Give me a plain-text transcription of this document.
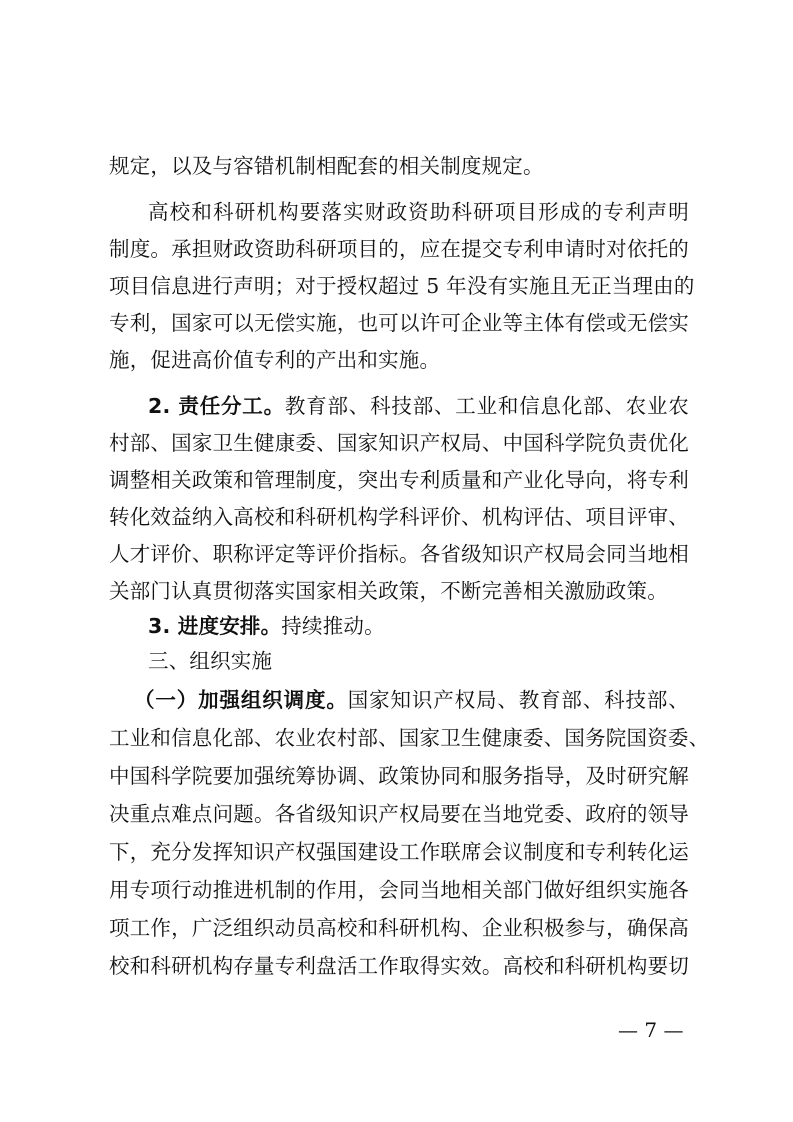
规定，以及与容错机制相配套的相关制度规定。
高校和科研机构要落实财政资助科研项目形成的专利声明
制度。承担财政资助科研项目的，应在提交专利申请时对依托的
项目信息进行声明；对于授权超过 5 年没有实施且无正当理由的
专利，国家可以无偿实施，也可以许可企业等主体有偿或无偿实
施，促进高价值专利的产出和实施。
2. 责任分工。教育部、科技部、工业和信息化部、农业农
村部、国家卫生健康委、国家知识产权局、中国科学院负责优化
调整相关政策和管理制度，突出专利质量和产业化导向，将专利
转化效益纳入高校和科研机构学科评价、机构评估、项目评审、
人才评价、职称评定等评价指标。各省级知识产权局会同当地相
关部门认真贯彻落实国家相关政策，不断完善相关激励政策。
3. 进度安排。持续推动。
三、组织实施
（一）加强组织调度。国家知识产权局、教育部、科技部、
工业和信息化部、农业农村部、国家卫生健康委、国务院国资委、
中国科学院要加强统筹协调、政策协同和服务指导，及时研究解
决重点难点问题。各省级知识产权局要在当地党委、政府的领导
下，充分发挥知识产权强国建设工作联席会议制度和专利转化运
用专项行动推进机制的作用，会同当地相关部门做好组织实施各
项工作，广泛组织动员高校和科研机构、企业积极参与，确保高
校和科研机构存量专利盘活工作取得实效。高校和科研机构要切
— 7 —
